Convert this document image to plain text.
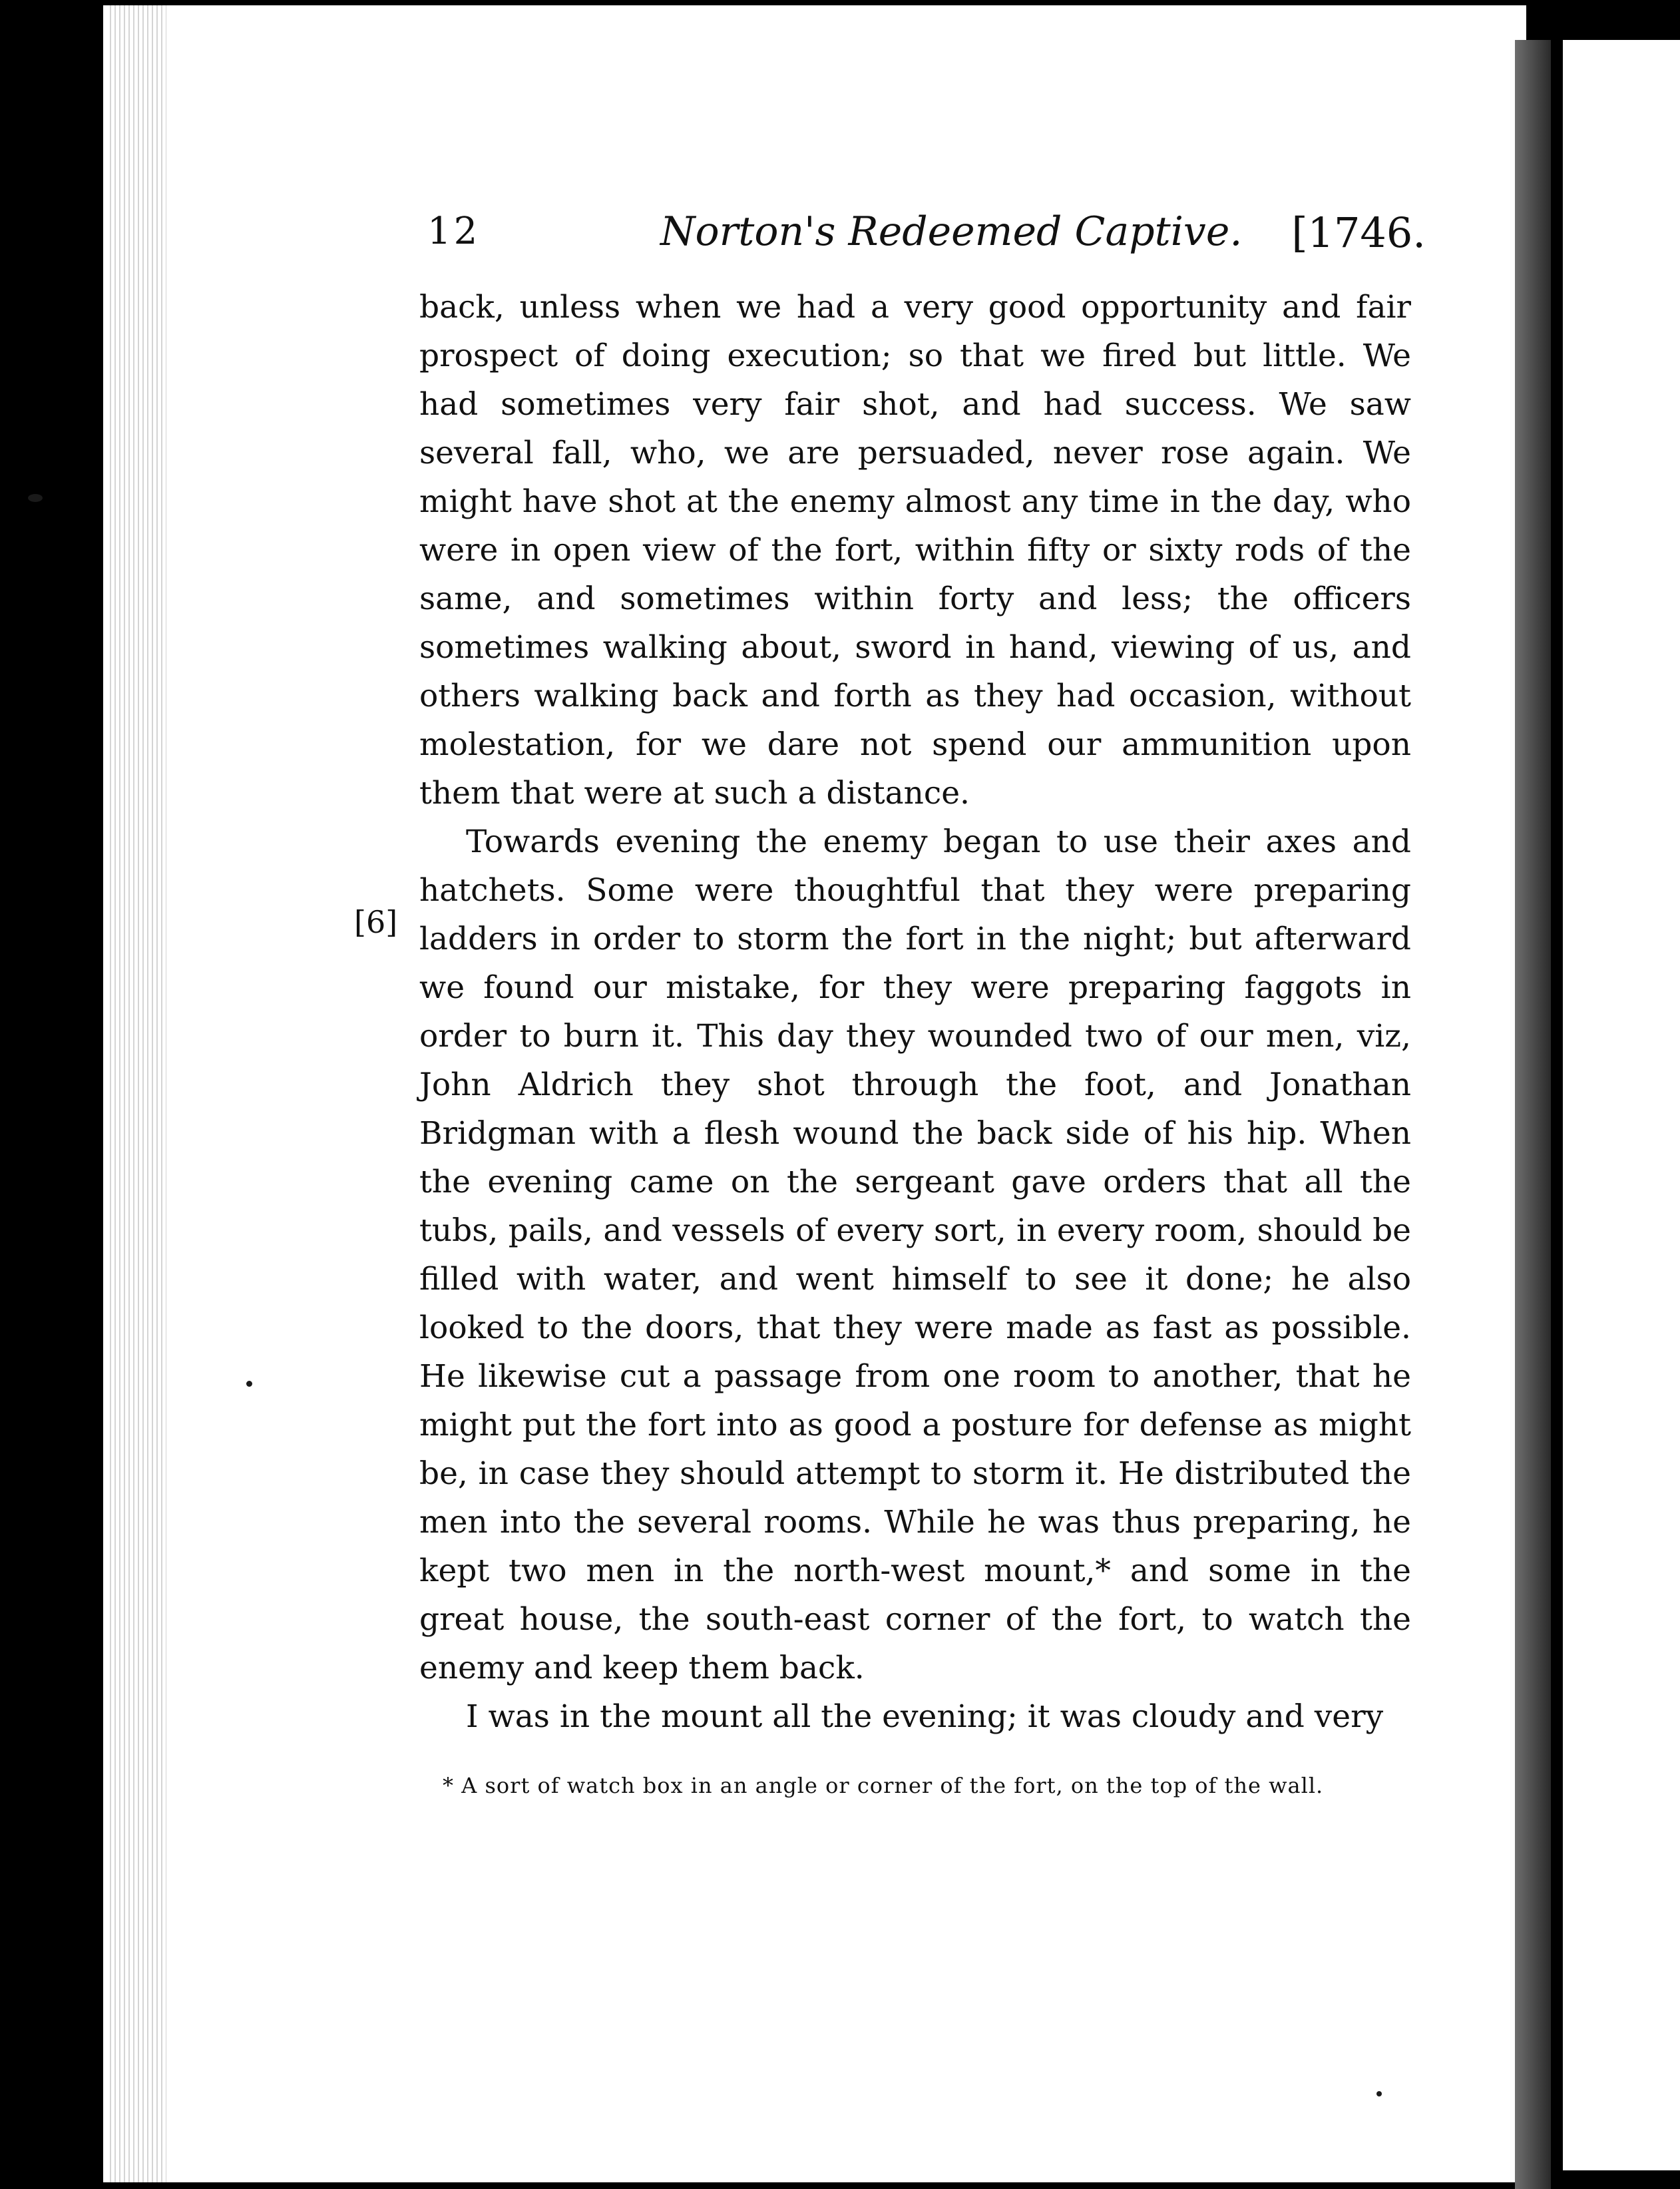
12	Norton's Redeemed Captive. [1746.
[6]

back, unless when we had a very good opportunity and fair prospect of doing execution; so that we fired but little. We had sometimes very fair shot, and had success. We saw several fall, who, we are persuaded, never rose again. We might have shot at the enemy almost any time in the day, who were in open view of the fort, within fifty or sixty rods of the same, and sometimes within forty and less; the officers sometimes walking about, sword in hand, viewing of us, and others walking back and forth as they had occasion, without molestation, for we dare not spend our ammunition upon them that were at such a distance.

Towards evening the enemy began to use their axes and hatchets. Some were thoughtful that they were preparing ladders in order to storm the fort in the night; but afterward we found our mistake, for they were preparing faggots in order to burn it. This day they wounded two of our men, viz, John Aldrich they shot through the foot, and Jonathan Bridgman with a flesh wound the back side of his hip. When the evening came on the sergeant gave orders that all the tubs, pails, and vessels of every sort, in every room, should be filled with water, and went himself to see it done; he also looked to the doors, that they were made as fast as possible. He likewise cut a passage from one room to another, that he might put the fort into as good a posture for defense as might be, in case they should attempt to storm it. He distributed the men into the several rooms. While he was thus preparing, he kept two men in the north-west mount,* and some in the great house, the south-east corner of the fort, to watch the enemy and keep them back.

I was in the mount all the evening; it was cloudy and very

* A sort of watch box in an angle or corner of the fort, on the top of the wall.
